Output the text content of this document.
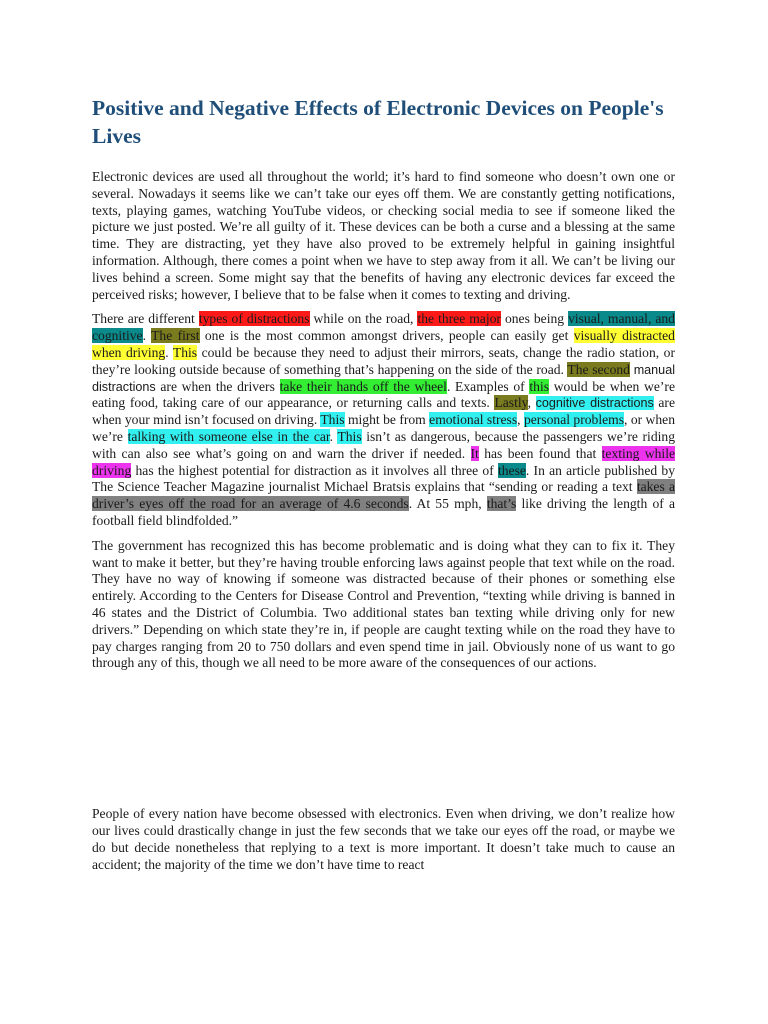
Positive and Negative Effects of Electronic Devices on People's Lives

Electronic devices are used all throughout the world; it’s hard to find someone who doesn’t own one or several. Nowadays it seems like we can’t take our eyes off them. We are constantly getting notifications, texts, playing games, watching YouTube videos, or checking social media to see if someone liked the picture we just posted. We’re all guilty of it. These devices can be both a curse and a blessing at the same time. They are distracting, yet they have also proved to be extremely helpful in gaining insightful information. Although, there comes a point when we have to step away from it all. We can’t be living our lives behind a screen. Some might say that the benefits of having any electronic devices far exceed the perceived risks; however, I believe that to be false when it comes to texting and driving.

There are different types of distractions while on the road, the three major ones being visual, manual, and cognitive. The first one is the most common amongst drivers, people can easily get visually distracted when driving. This could be because they need to adjust their mirrors, seats, change the radio station, or they’re looking outside because of something that’s happening on the side of the road. The second manual distractions are when the drivers take their hands off the wheel. Examples of this would be when we’re eating food, taking care of our appearance, or returning calls and texts. Lastly, cognitive distractions are when your mind isn’t focused on driving. This might be from emotional stress, personal problems, or when we’re talking with someone else in the car. This isn’t as dangerous, because the passengers we’re riding with can also see what’s going on and warn the driver if needed. It has been found that texting while driving has the highest potential for distraction as it involves all three of these. In an article published by The Science Teacher Magazine journalist Michael Bratsis explains that “sending or reading a text takes a driver’s eyes off the road for an average of 4.6 seconds. At 55 mph, that’s like driving the length of a football field blindfolded.”

The government has recognized this has become problematic and is doing what they can to fix it. They want to make it better, but they’re having trouble enforcing laws against people that text while on the road. They have no way of knowing if someone was distracted because of their phones or something else entirely. According to the Centers for Disease Control and Prevention, “texting while driving is banned in 46 states and the District of Columbia. Two additional states ban texting while driving only for new drivers.” Depending on which state they’re in, if people are caught texting while on the road they have to pay charges ranging from 20 to 750 dollars and even spend time in jail. Obviously none of us want to go through any of this, though we all need to be more aware of the consequences of our actions.

People of every nation have become obsessed with electronics. Even when driving, we don’t realize how our lives could drastically change in just the few seconds that we take our eyes off the road, or maybe we do but decide nonetheless that replying to a text is more important. It doesn’t take much to cause an accident; the majority of the time we don’t have time to react
